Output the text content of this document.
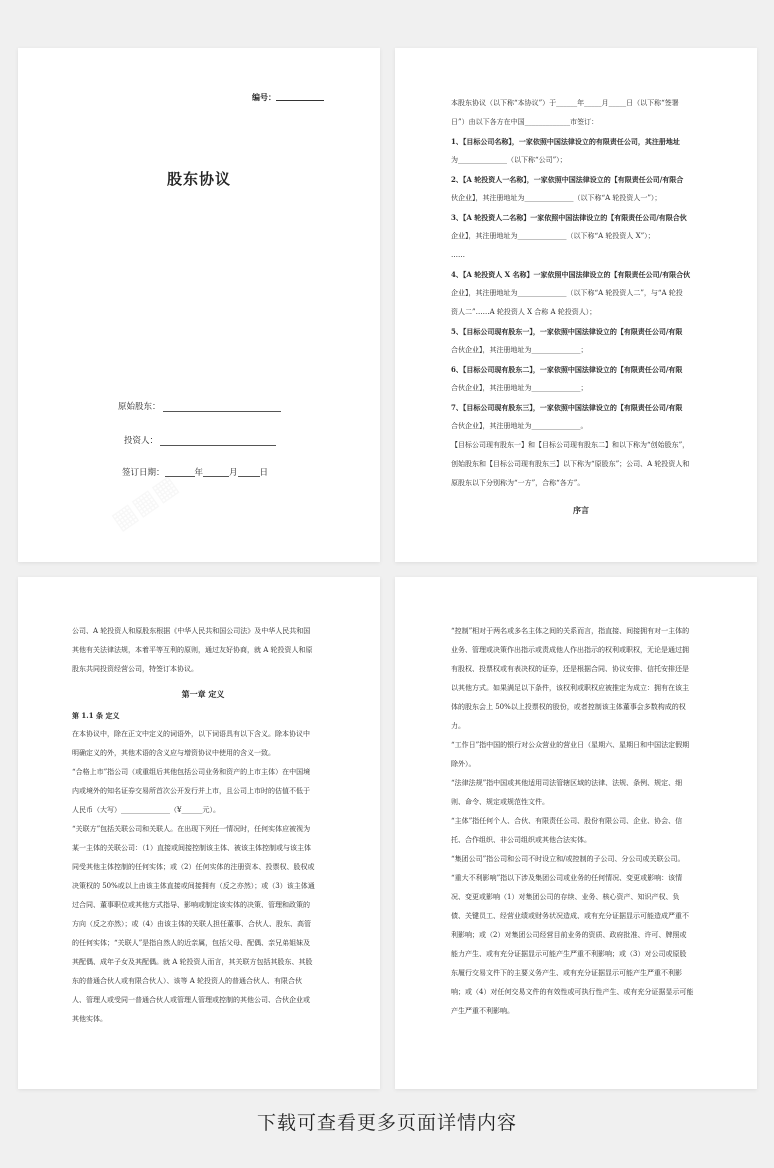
编号：
股东协议
原始股东：
投资人：
签订日期：	年	月	日

本股东协议（以下称“本协议”）于______年_____月_____日（以下称“签署

日”）由以下各方在中国_____________市签订：

1、【目标公司名称】，一家依照中国法律设立的有限责任公司，其注册地址

为______________（以下称“公司”）；

2、【A 轮投资人一名称】，一家依照中国法律设立的【有限责任公司/有限合

伙企业】，其注册地址为______________（以下称“A 轮投资人一”）；

3、【A 轮投资人二名称】一家依照中国法律设立的【有限责任公司/有限合伙

企业】，其注册地址为______________（以下称“A 轮投资人 X”）；

……

4、【A 轮投资人 X 名称】一家依照中国法律设立的【有限责任公司/有限合伙

企业】，其注册地址为______________（以下称“A 轮投资人二”，与“A 轮投

资人二”……A 轮投资人 X 合称 A 轮投资人）；

5、【目标公司现有股东一】，一家依照中国法律设立的【有限责任公司/有限

合伙企业】，其注册地址为______________；

6、【目标公司现有股东二】，一家依照中国法律设立的【有限责任公司/有限

合伙企业】，其注册地址为______________；

7、【目标公司现有股东三】，一家依照中国法律设立的【有限责任公司/有限

合伙企业】，其注册地址为______________。

【目标公司现有股东一】和【目标公司现有股东二】和以下称为“创始股东”，

创始股东和【目标公司现有股东三】以下称为“原股东”；公司、A 轮投资人和

原股东以下分别称为“一方”，合称“各方”。

序言

公司、A 轮投资人和原股东根据《中华人民共和国公司法》及中华人民共和国

其他有关法律法规，本着平等互利的原则，通过友好协商，就 A 轮投资人和原

股东共同投资经营公司，特签订本协议。

第一章 定义

第 1.1 条 定义

在本协议中，除在正文中定义的词语外，以下词语具有以下含义。除本协议中

明确定义的外，其他术语的含义应与增资协议中使用的含义一致。

“合格上市”指公司（或重组后其他包括公司业务和资产的上市主体）在中国境

内或境外的知名证券交易所首次公开发行并上市，且公司上市时的估值不低于

人民币（大写）______________（¥______元）。

“关联方”包括关联公司和关联人。在出现下列任一情况时，任何实体应被视为

某一主体的关联公司：（1）直接或间接控制该主体、被该主体控制或与该主体

同受其他主体控制的任何实体；或（2）任何实体的注册资本、投票权、股权或

决策权的 50%或以上由该主体直接或间接拥有（反之亦然）；或（3）该主体通

过合同、董事职位或其他方式指导、影响或制定该实体的决策、管理和政策的

方向（反之亦然）；或（4）由该主体的关联人担任董事、合伙人、股东、高管

的任何实体；“关联人”是指自然人的近亲属，包括父母、配偶、亲兄弟姐妹及

其配偶、成年子女及其配偶。就 A 轮投资人而言，其关联方包括其股东、其股

东的普通合伙人或有限合伙人）、该等 A 轮投资人的普通合伙人、有限合伙

人、管理人或受同一普通合伙人或管理人管理或控制的其他公司、合伙企业或

其他实体。

“控制”相对于两名或多名主体之间的关系而言，指直接、间接拥有对一主体的

业务、管理或决策作出指示或责成他人作出指示的权利或职权，无论是通过拥

有股权、投票权或有表决权的证券，还是根据合同、协议安排、信托安排还是

以其他方式。如果满足以下条件，该权利或职权应被推定为成立：拥有在该主

体的股东会上 50%以上投票权的股份，或者控制该主体董事会多数构成的权

力。

“工作日”指中国的银行对公众营业的营业日（星期六、星期日和中国法定假期

除外）。

“法律法规”指中国或其他适用司法管辖区域的法律、法规、条例、规定、细

则、命令、规定或规范性文件。

“主体”指任何个人、合伙、有限责任公司、股份有限公司、企业、协会、信

托、合作组织、非公司组织或其他合法实体。

“集团公司”指公司和公司不时设立和/或控制的子公司、分公司或关联公司。

“重大不利影响”指以下涉及集团公司或业务的任何情况、变更或影响：该情

况、变更或影响（1）对集团公司的存续、业务、核心资产、知识产权、负

债、关键员工、经营业绩或财务状况造成、或有充分证据显示可能造成严重不

利影响；或（2）对集团公司经营目前业务的资质、政府批准、许可、牌照或

能力产生、或有充分证据显示可能产生严重不利影响；或（3）对公司或原股

东履行交易文件下的主要义务产生、或有充分证据显示可能产生严重不利影

响；或（4）对任何交易文件的有效性或可执行性产生、或有充分证据显示可能

产生严重不利影响。

下载可查看更多页面详情内容
